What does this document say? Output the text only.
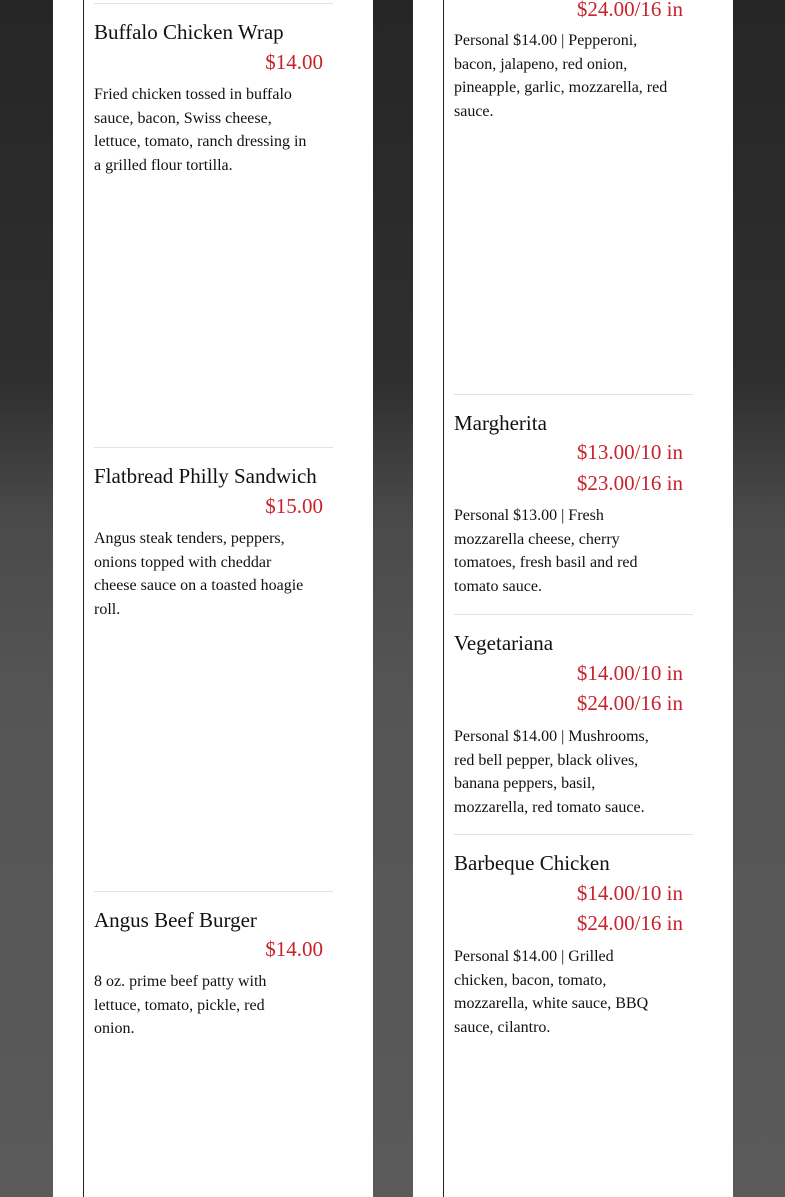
Buffalo Chicken Wrap
$14.00
Fried chicken tossed in buffalo sauce, bacon, Swiss cheese, lettuce, tomato, ranch dressing in a grilled flour tortilla.
Flatbread Philly Sandwich
$15.00
Angus steak tenders, peppers, onions topped with cheddar cheese sauce on a toasted hoagie roll.
Angus Beef Burger
$14.00
8 oz. prime beef patty with lettuce, tomato, pickle, red onion.
$24.00/16 in
Personal $14.00 | Pepperoni, bacon, jalapeno, red onion, pineapple, garlic, mozzarella, red sauce.
Margherita
$13.00/10 in
$23.00/16 in
Personal $13.00 | Fresh mozzarella cheese, cherry tomatoes, fresh basil and red tomato sauce.
Vegetariana
$14.00/10 in
$24.00/16 in
Personal $14.00 | Mushrooms, red bell pepper, black olives, banana peppers, basil, mozzarella, red tomato sauce.
Barbeque Chicken
$14.00/10 in
$24.00/16 in
Personal $14.00 | Grilled chicken, bacon, tomato, mozzarella, white sauce, BBQ sauce, cilantro.
